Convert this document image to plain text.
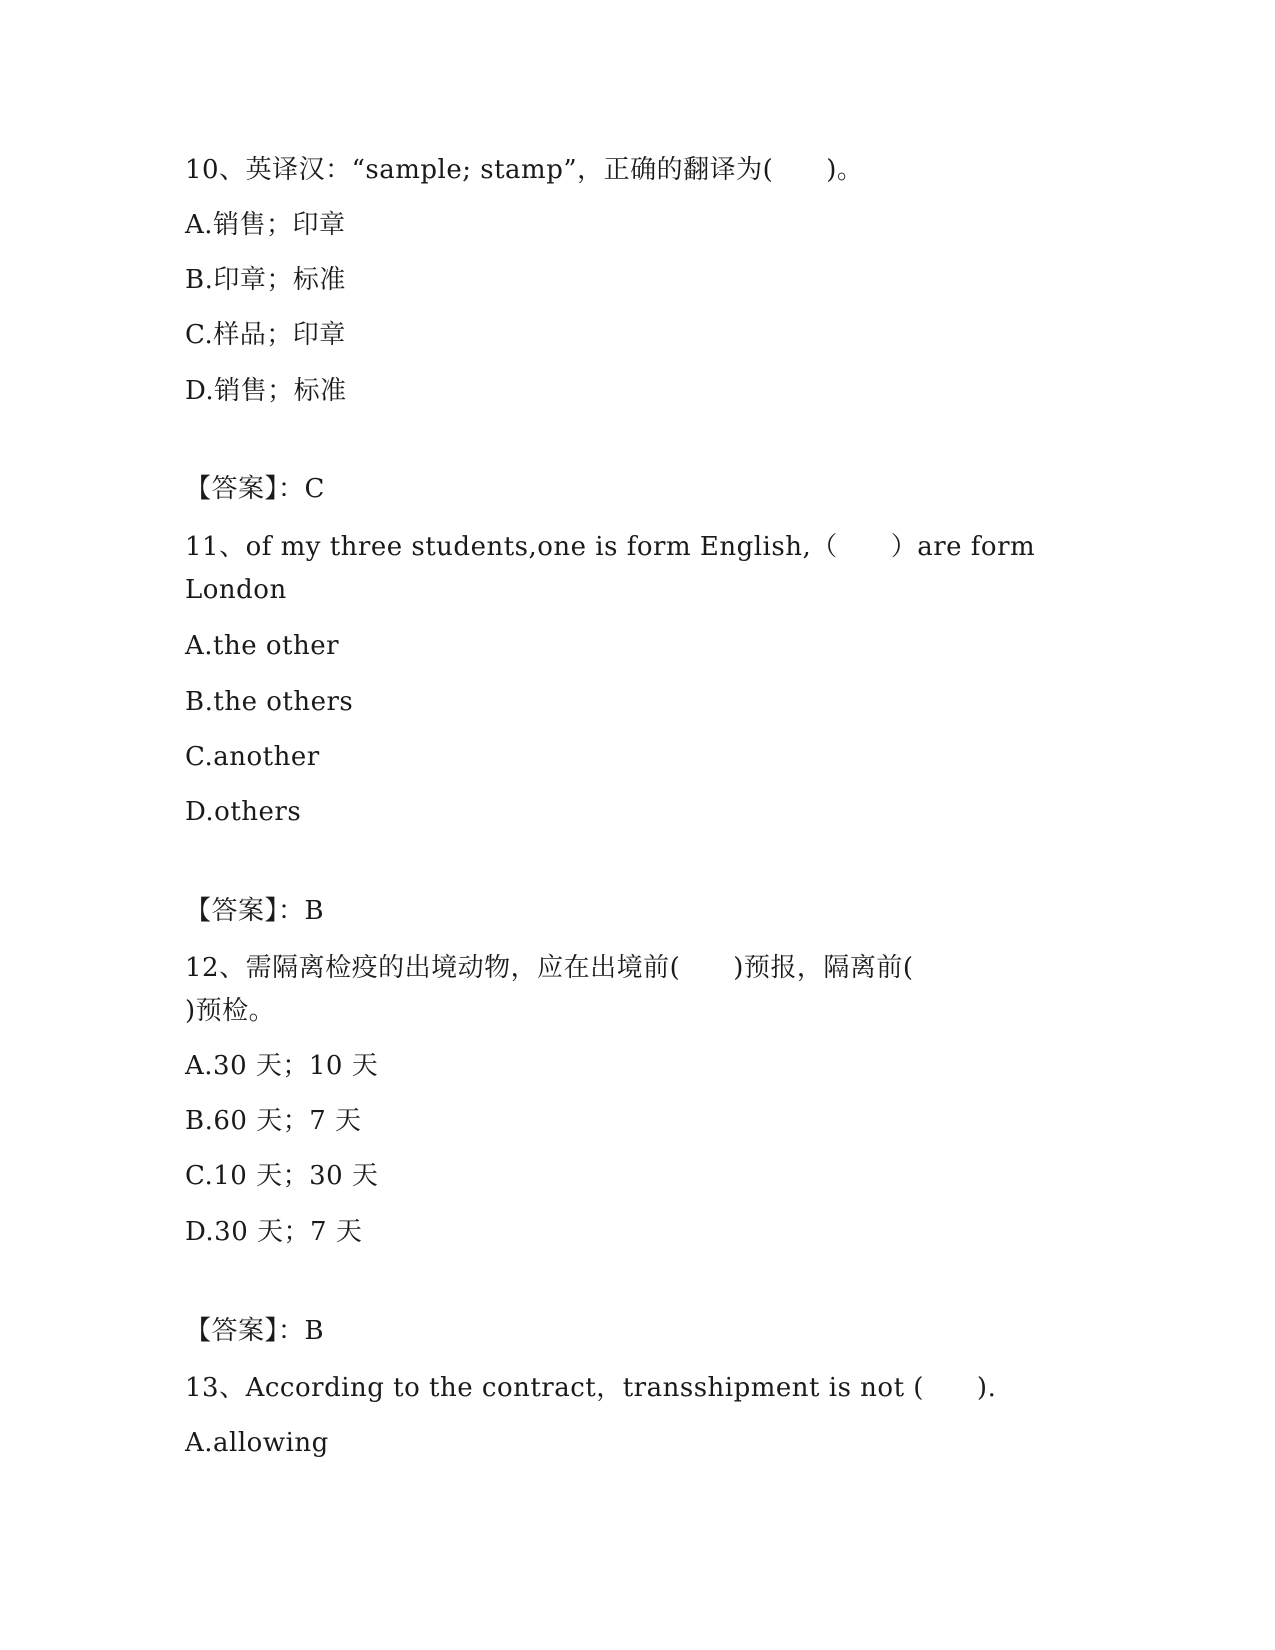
10、英译汉：“sample; stamp”，正确的翻译为(　　)。
A.销售；印章
B.印章；标准
C.样品；印章
D.销售；标准
【答案】：C
11、of my three students,one is form English,（　　）are form
London
A.the other
B.the others
C.another
D.others
【答案】：B
12、需隔离检疫的出境动物，应在出境前(　　)预报，隔离前(
)预检。
A.30 天；10 天
B.60 天；7 天
C.10 天；30 天
D.30 天；7 天
【答案】：B
13、According to the contract，transshipment is not (　　).
A.allowing
